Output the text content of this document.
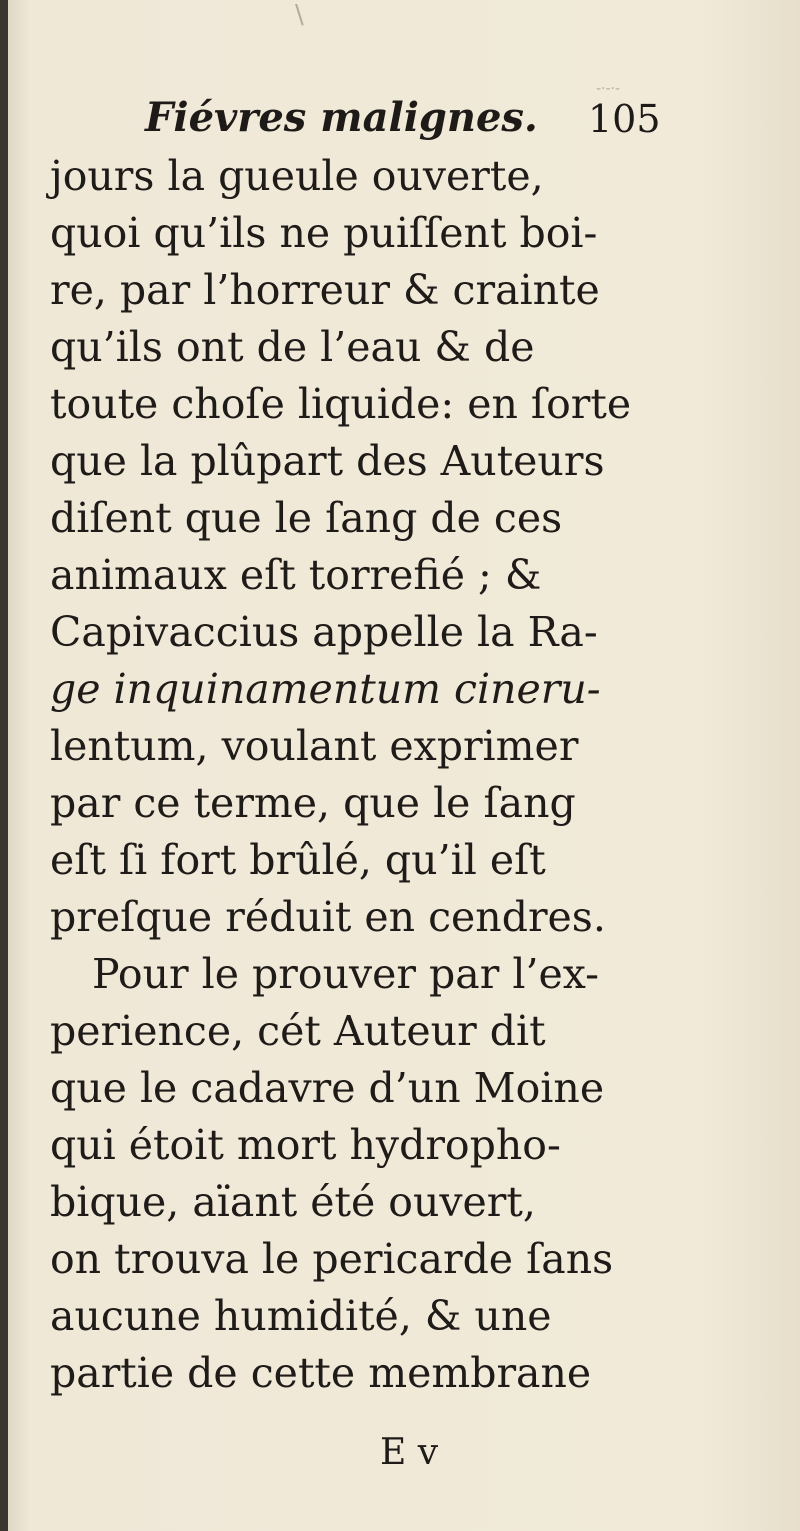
\
-·-·-
Fiévres malignes. 105
jours la gueule ouverte,
quoi qu’ils ne puiſſent boi-
re, par l’horreur & crainte
qu’ils ont de l’eau & de
toute choſe liquide: en ſorte
que la plûpart des Auteurs
diſent que le ſang de ces
animaux eſt torrefié ; &
Capivaccius appelle la Ra-
ge inquinamentum cineru-
lentum, voulant exprimer
par ce terme, que le ſang
eſt ſi fort brûlé, qu’il eſt
preſque réduit en cendres.
Pour le prouver par l’ex-
perience, cét Auteur dit
que le cadavre d’un Moine
qui étoit mort hydropho-
bique, aïant été ouvert,
on trouva le pericarde ſans
aucune humidité, & une
partie de cette membrane
E v
